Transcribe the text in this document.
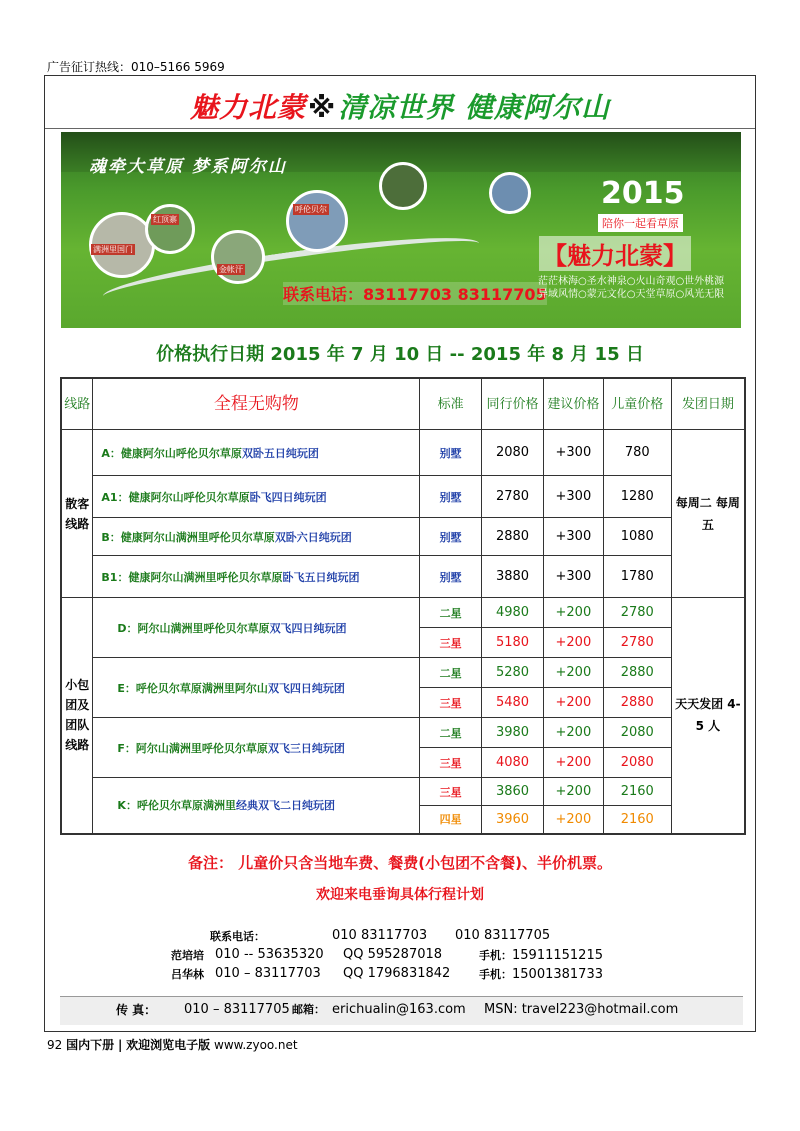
广告征订热线：010–5166 5969
魅力北蒙※清凉世界 健康阿尔山
魂牵大草原 梦系阿尔山
满洲里国门
红顶寨
金帐汗
呼伦贝尔	2015
陪你一起看草原
【魅力北蒙】
联系电话：83117703 83117705
茫茫林海○圣水神泉○火山奇观○世外桃源
异域风情○蒙元文化○天堂草原○风光无限
价格执行日期 2015 年 7 月 10 日 -- 2015 年 8 月 15 日
线路	全程无购物	标准	同行价格	建议价格	儿童价格	发团日期
散客线路	A：健康阿尔山呼伦贝尔草原双卧五日纯玩团	别墅	2080	+300	780	每周二 每周五
	A1：健康阿尔山呼伦贝尔草原卧飞四日纯玩团	别墅	2780	+300	1280	
	B：健康阿尔山满洲里呼伦贝尔草原双卧六日纯玩团	别墅	2880	+300	1080	
	B1：健康阿尔山满洲里呼伦贝尔草原卧飞五日纯玩团	别墅	3880	+300	1780	
小包团及团队线路	D：阿尔山满洲里呼伦贝尔草原双飞四日纯玩团	二星	4980	+200	2780	天天发团 4-5 人
		三星	5180	+200	2780	
	E：呼伦贝尔草原满洲里阿尔山双飞四日纯玩团	二星	5280	+200	2880	
		三星	5480	+200	2880	
	F：阿尔山满洲里呼伦贝尔草原双飞三日纯玩团	二星	3980	+200	2080	
		三星	4080	+200	2080	
	K：呼伦贝尔草原满洲里经典双飞二日纯玩团	三星	3860	+200	2160	
		四星	3960	+200	2160	
备注： 儿童价只含当地车费、餐费(小包团不含餐)、半价机票。
欢迎来电垂询具体行程计划
联系电话：	010 83117703 010 83117705
范培培 010 -- 53635320 QQ 595287018	手机：15911151215
吕华林 010 – 83117703 QQ 1796831842	手机：15001381733
传 真： 010 – 83117705 邮箱： erichualin@163.com MSN: travel223@hotmail.com
92 国内下册 | 欢迎浏览电子版 www.zyoo.net
